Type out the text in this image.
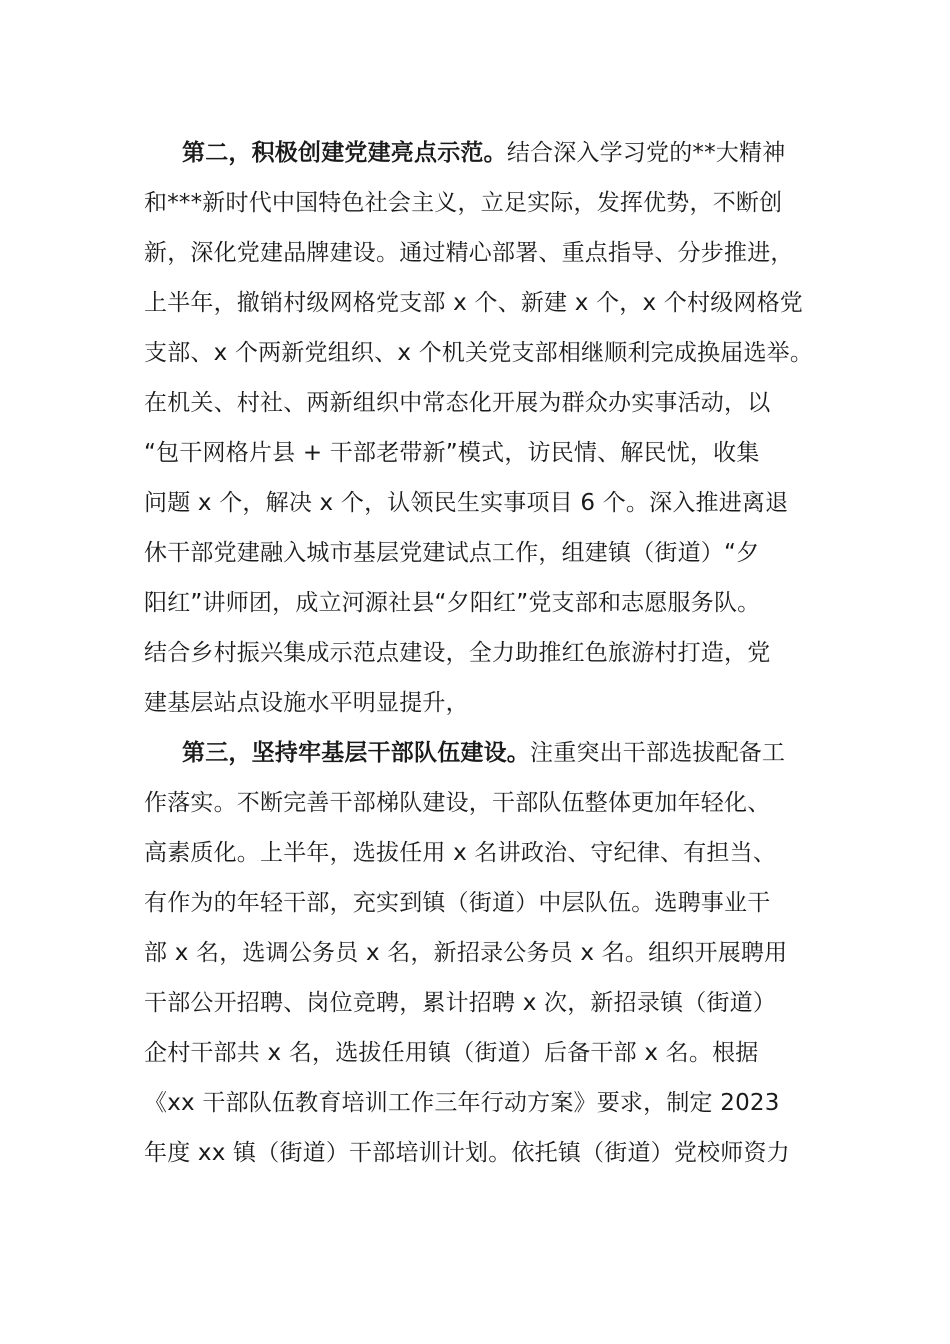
第二，积极创建党建亮点示范。结合深入学习党的**大精神
和***新时代中国特色社会主义，立足实际，发挥优势，不断创
新，深化党建品牌建设。通过精心部署、重点指导、分步推进，
上半年，撤销村级网格党支部 x 个、新建 x 个，x 个村级网格党
支部、x 个两新党组织、x 个机关党支部相继顺利完成换届选举。
在机关、村社、两新组织中常态化开展为群众办实事活动，以
“包干网格片县 + 干部老带新”模式，访民情、解民忧，收集
问题 x 个，解决 x 个，认领民生实事项目 6 个。深入推进离退
休干部党建融入城市基层党建试点工作，组建镇（街道）“夕
阳红”讲师团，成立河源社县“夕阳红”党支部和志愿服务队。
结合乡村振兴集成示范点建设，全力助推红色旅游村打造，党
建基层站点设施水平明显提升，
第三，坚持牢基层干部队伍建设。注重突出干部选拔配备工
作落实。不断完善干部梯队建设，干部队伍整体更加年轻化、
高素质化。上半年，选拔任用 x 名讲政治、守纪律、有担当、
有作为的年轻干部，充实到镇（街道）中层队伍。选聘事业干
部 x 名，选调公务员 x 名，新招录公务员 x 名。组织开展聘用
干部公开招聘、岗位竞聘，累计招聘 x 次，新招录镇（街道）
企村干部共 x 名，选拔任用镇（街道）后备干部 x 名。根据
《xx 干部队伍教育培训工作三年行动方案》要求，制定 2023
年度 xx 镇（街道）干部培训计划。依托镇（街道）党校师资力
